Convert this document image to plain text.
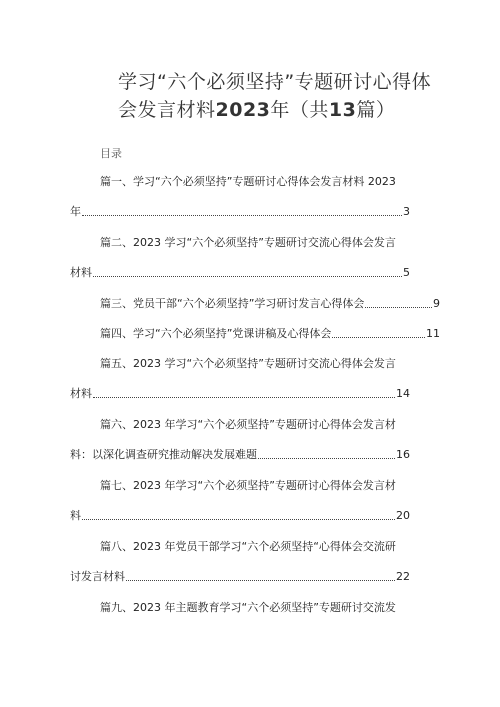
学习“六个必须坚持”专题研讨心得体
会发言材料2023年（共13篇）
目录
篇一、学习“六个必须坚持”专题研讨心得体会发言材料 2023
年	3
篇二、2023 学习“六个必须坚持”专题研讨交流心得体会发言
材料	5
篇三、党员干部“六个必须坚持”学习研讨发言心得体会	9
篇四、学习“六个必须坚持”党课讲稿及心得体会	11
篇五、2023 学习“六个必须坚持”专题研讨交流心得体会发言
材料	14
篇六、2023 年学习“六个必须坚持”专题研讨心得体会发言材
料：以深化调查研究推动解决发展难题	16
篇七、2023 年学习“六个必须坚持”专题研讨心得体会发言材
料	20
篇八、2023 年党员干部学习“六个必须坚持“心得体会交流研
讨发言材料	22
篇九、2023 年主题教育学习“六个必须坚持”专题研讨交流发
